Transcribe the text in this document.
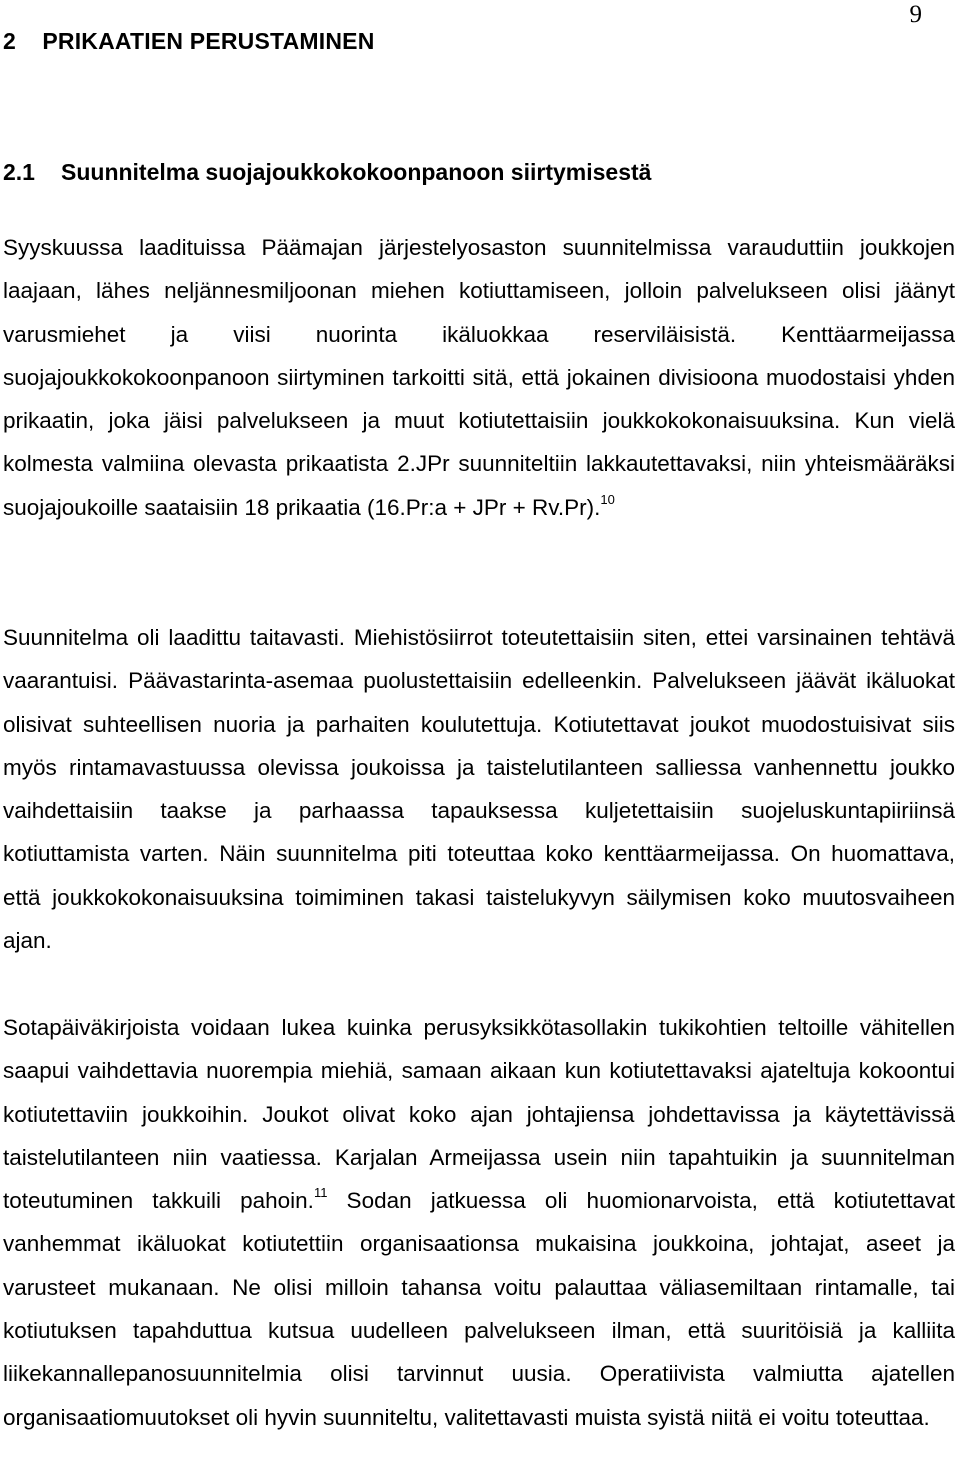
9
2    PRIKAATIEN PERUSTAMINEN
2.1 Suunnitelma suojajoukkokokoonpanoon siirtymisestä

Syyskuussa laadituissa Päämajan järjestelyosaston suunnitelmissa varauduttiin joukkojen laajaan, lähes neljännesmiljoonan miehen kotiuttamiseen, jolloin palvelukseen olisi jäänyt varusmiehet ja viisi nuorinta ikäluokkaa reserviläisistä. Kenttäarmeijassa suojajoukkokokoonpanoon siirtyminen tarkoitti sitä, että jokainen divisioona muodostaisi yhden prikaatin, joka jäisi palvelukseen ja muut kotiutettaisiin joukkokokonaisuuksina. Kun vielä kolmesta valmiina olevasta prikaatista 2.JPr suunniteltiin lakkautettavaksi, niin yhteismääräksi suojajoukoille saataisiin 18 prikaatia (16.Pr:a + JPr + Rv.Pr).$^{10}$

Suunnitelma oli laadittu taitavasti. Miehistösiirrot toteutettaisiin siten, ettei varsinainen tehtävä vaarantuisi. Päävastarinta-asemaa puolustettaisiin edelleenkin. Palvelukseen jäävät ikäluokat olisivat suhteellisen nuoria ja parhaiten koulutettuja. Kotiutettavat joukot muodostuisivat siis myös rintamavastuussa olevissa joukoissa ja taistelutilanteen salliessa vanhennettu joukko vaihdettaisiin taakse ja parhaassa tapauksessa kuljetettaisiin suojeluskuntapiiriinsä kotiuttamista varten. Näin suunnitelma piti toteuttaa koko kenttäarmeijassa. On huomattava, että joukkokokonaisuuksina toimiminen takasi taistelukyvyn säilymisen koko muutosvaiheen ajan.

Sotapäiväkirjoista voidaan lukea kuinka perusyksikkötasollakin tukikohtien teltoille vähitellen saapui vaihdettavia nuorempia miehiä, samaan aikaan kun kotiutettavaksi ajateltuja kokoontui kotiutettaviin joukkoihin. Joukot olivat koko ajan johtajiensa johdettavissa ja käytettävissä taistelutilanteen niin vaatiessa. Karjalan Armeijassa usein niin tapahtuikin ja suunnitelman toteutuminen takkuili pahoin.$^{11}$ Sodan jatkuessa oli huomionarvoista, että kotiutettavat vanhemmat ikäluokat kotiutettiin organisaationsa mukaisina joukkoina, johtajat, aseet ja varusteet mukanaan. Ne olisi milloin tahansa voitu palauttaa väliasemiltaan rintamalle, tai kotiutuksen tapahduttua kutsua uudelleen palvelukseen ilman, että suuritöisiä ja kalliita liikekannallepanosuunnitelmia olisi tarvinnut uusia. Operatiivista valmiutta ajatellen organisaatiomuutokset oli hyvin suunniteltu, valitettavasti muista syistä niitä ei voitu toteuttaa.
